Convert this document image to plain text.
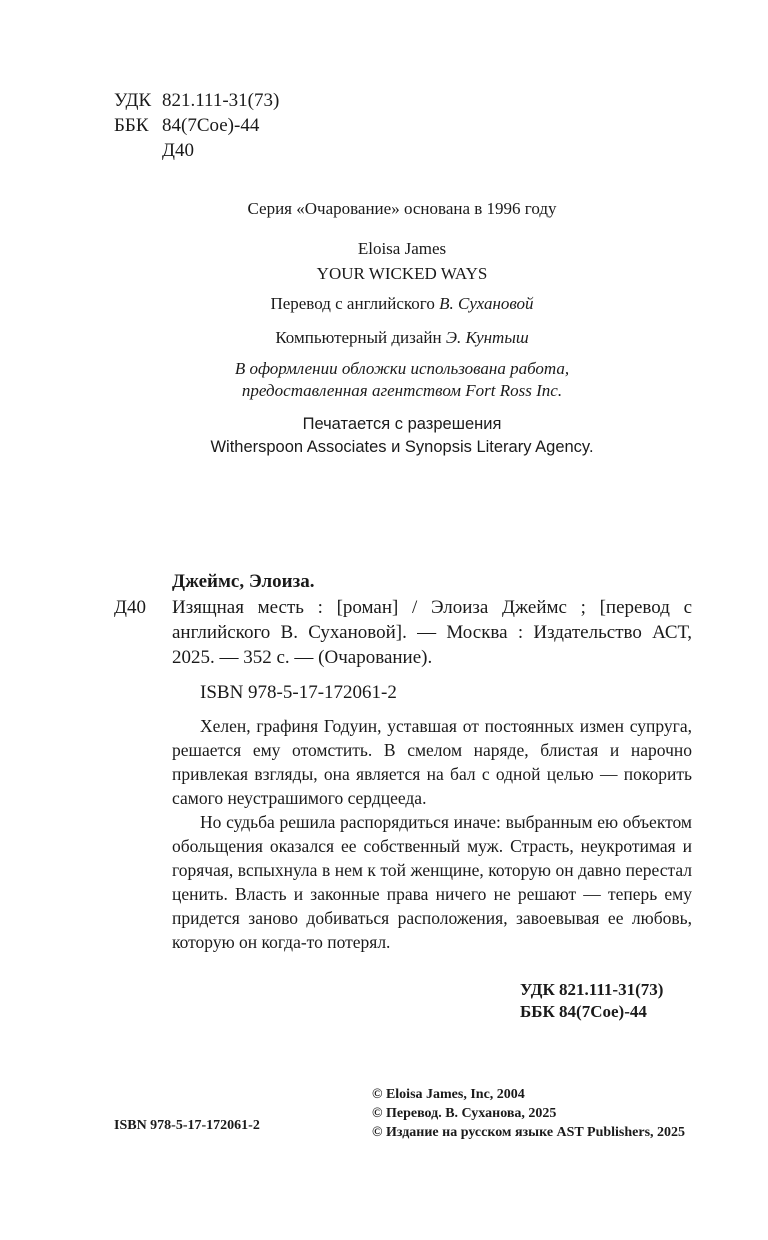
УДК 821.111-31(73)
ББК 84(7Сое)-44
Д40
Серия «Очарование» основана в 1996 году
Eloisa James
YOUR WICKED WAYS
Перевод с английского В. Сухановой
Компьютерный дизайн Э. Кунтыш
В оформлении обложки использована работа,
предоставленная агентством Fort Ross Inc.
Печатается с разрешения
Witherspoon Associates и Synopsis Literary Agency.
Джеймс, Элоиза.
Д40 Изящная месть : [роман] / Элоиза Джеймс ; [перевод с английского В. Сухановой]. — Москва : Издательство АСТ, 2025. — 352 с. — (Очарование).

ISBN 978-5-17-172061-2

Хелен, графиня Годуин, уставшая от постоянных измен супруга, решается ему отомстить. В смелом наряде, блистая и нарочно привлекая взгляды, она является на бал с одной целью — покорить самого неустрашимого сердцееда.

Но судьба решила распорядиться иначе: выбранным ею объектом обольщения оказался ее собственный муж. Страсть, неукротимая и горячая, вспыхнула в нем к той женщине, которую он давно перестал ценить. Власть и законные права ничего не решают — теперь ему придется заново добиваться расположения, завоевывая ее любовь, которую он когда-то потерял.

УДК 821.111-31(73)
ББК 84(7Сое)-44
ISBN 978-5-17-172061-2
© Eloisa James, Inc, 2004
© Перевод. В. Суханова, 2025
© Издание на русском языке AST Publishers, 2025
